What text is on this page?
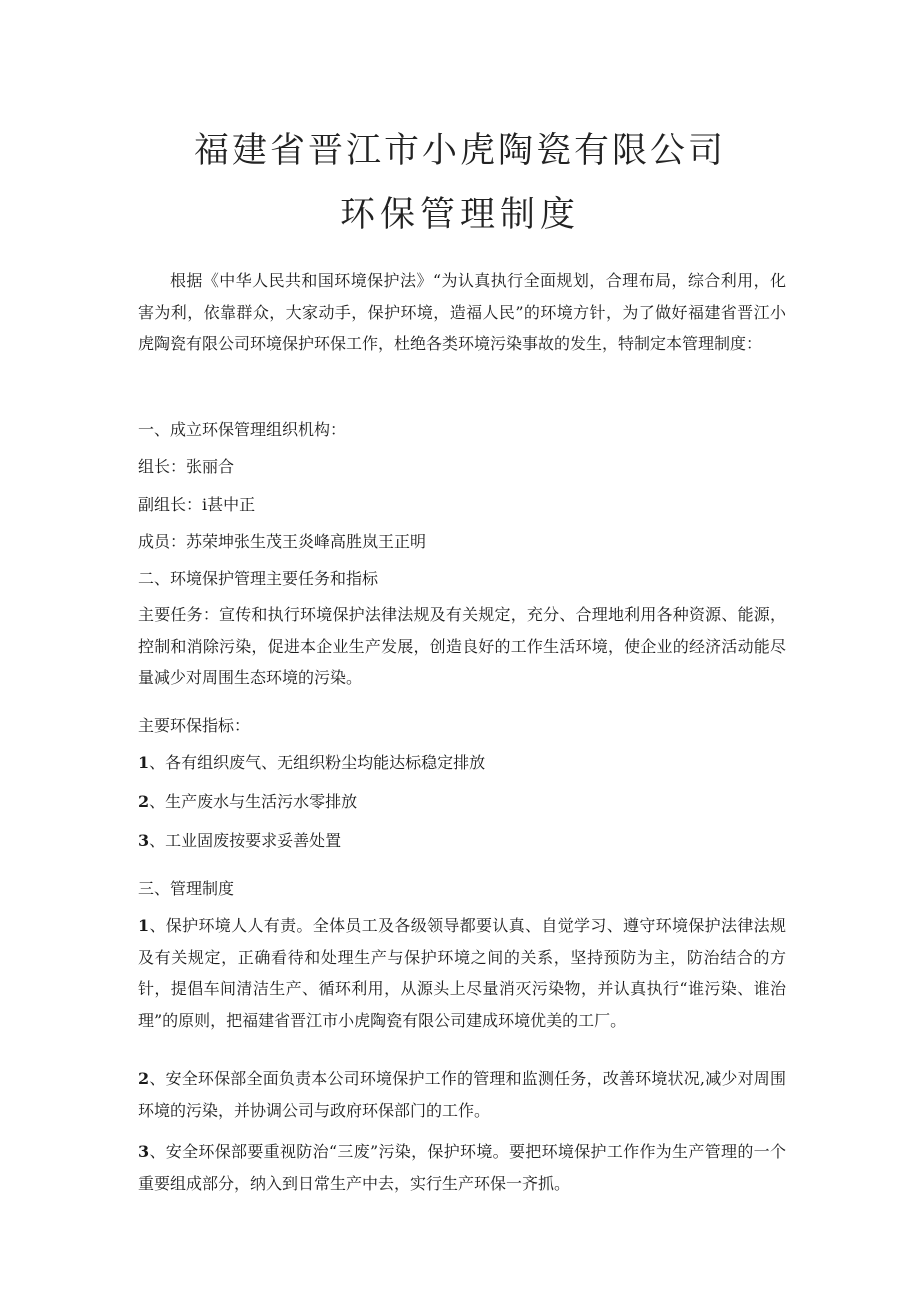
福建省晋江市小虎陶瓷有限公司
环保管理制度

根据《中华人民共和国环境保护法》“为认真执行全面规划，合理布局，综合利用，化害为利，依靠群众，大家动手，保护环境，造福人民”的环境方针，为了做好福建省晋江小虎陶瓷有限公司环境保护环保工作，杜绝各类环境污染事故的发生，特制定本管理制度：

一、成立环保管理组织机构：
组长：张丽合
副组长：i甚中正
成员：苏荣坤张生茂王炎峰高胜岚王正明
二、环境保护管理主要任务和指标

主要任务：宣传和执行环境保护法律法规及有关规定，充分、合理地利用各种资源、能源，控制和消除污染，促进本企业生产发展，创造良好的工作生活环境，使企业的经济活动能尽量减少对周围生态环境的污染。

主要环保指标：
1、各有组织废气、无组织粉尘均能达标稳定排放
2、生产废水与生活污水零排放
3、工业固废按要求妥善处置
三、管理制度

1、保护环境人人有责。全体员工及各级领导都要认真、自觉学习、遵守环境保护法律法规及有关规定，正确看待和处理生产与保护环境之间的关系，坚持预防为主，防治结合的方针，提倡车间清洁生产、循环利用，从源头上尽量消灭污染物，并认真执行“谁污染、谁治理”的原则，把福建省晋江市小虎陶瓷有限公司建成环境优美的工厂。

2、安全环保部全面负责本公司环境保护工作的管理和监测任务，改善环境状况,减少对周围环境的污染，并协调公司与政府环保部门的工作。

3、安全环保部要重视防治“三废”污染，保护环境。要把环境保护工作作为生产管理的一个重要组成部分，纳入到日常生产中去，实行生产环保一齐抓。
